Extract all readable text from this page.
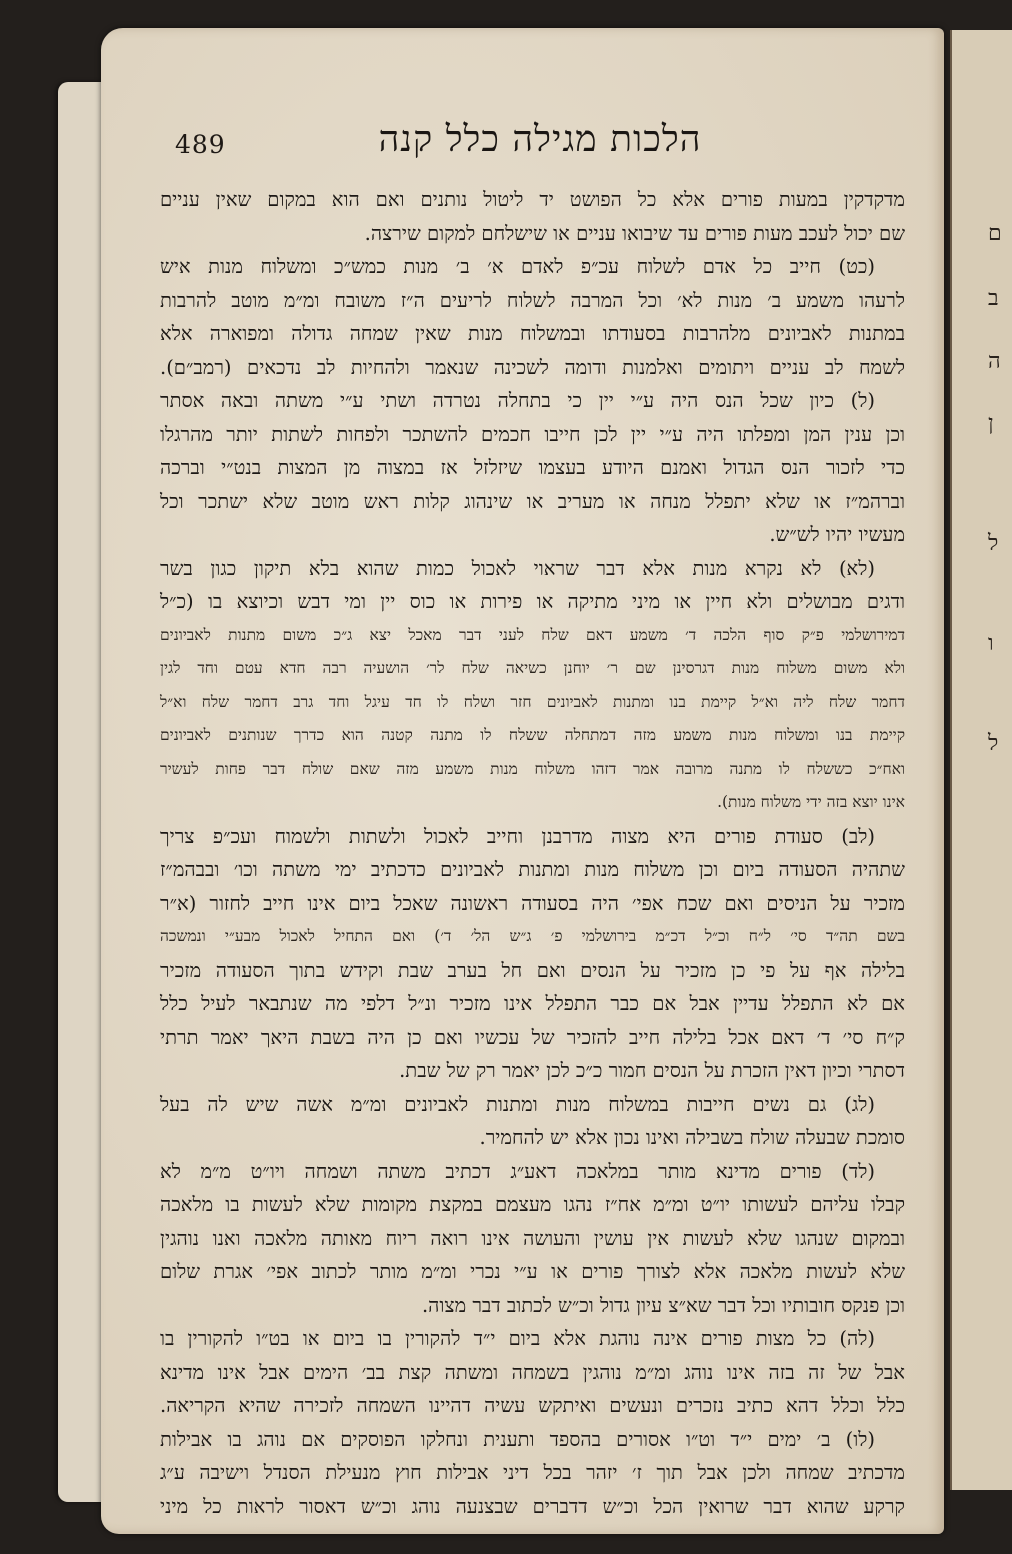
ם
ב
ה
ן
ל
ו
ל
489	הלכות מגילה כלל קנה
מדקדקין במעות פורים אלא כל הפושט יד ליטול נותנים ואם הוא במקום שאין עניים
שם יכול לעכב מעות פורים עד שיבואו עניים או שישלחם למקום שירצה.
(כט) חייב כל אדם לשלוח עכ״פ לאדם א׳ ב׳ מנות כמש״כ ומשלוח מנות איש
לרעהו משמע ב׳ מנות לא׳ וכל המרבה לשלוח לריעים ה״ז משובח ומ״מ מוטב להרבות
במתנות לאביונים מלהרבות בסעודתו ובמשלוח מנות שאין שמחה גדולה ומפוארה אלא
לשמח לב עניים ויתומים ואלמנות ודומה לשכינה שנאמר ולהחיות לב נדכאים (רמב״ם).
(ל) כיון שכל הנס היה ע״י יין כי בתחלה נטרדה ושתי ע״י משתה ובאה אסתר
וכן ענין המן ומפלתו היה ע״י יין לכן חייבו חכמים להשתכר ולפחות לשתות יותר מהרגלו
כדי לזכור הנס הגדול ואמנם היודע בעצמו שיזלזל אז במצוה מן המצות בנט״י וברכה
וברהמ״ז או שלא יתפלל מנחה או מעריב או שינהוג קלות ראש מוטב שלא ישתכר וכל
מעשיו יהיו לש״ש.
(לא) לא נקרא מנות אלא דבר שראוי לאכול כמות שהוא בלא תיקון כגון בשר
ודגים מבושלים ולא חיין או מיני מתיקה או פירות או כוס יין ומי דבש וכיוצא בו (כ״ל
דמירושלמי פ״ק סוף הלכה ד׳ משמע דאם שלח לעני דבר מאכל יצא ג״כ משום מתנות לאביונים
ולא משום משלוח מנות דגרסינן שם ר׳ יוחנן כשיאה שלח לר׳ הושעיה רבה חדא עטם וחד לגין
דחמר שלח ליה וא״ל קיימת בנו ומתנות לאביונים חזר ושלח לו חד עיגל וחד גרב דחמר שלח וא״ל
קיימת בנו ומשלוח מנות משמע מזה דמתחלה ששלח לו מתנה קטנה הוא כדרך שנותנים לאביונים
ואח״כ כששלח לו מתנה מרובה אמר דזהו משלוח מנות משמע מזה שאם שולח דבר פחות לעשיר
אינו יוצא בזה ידי משלוח מנות).
(לב) סעודת פורים היא מצוה מדרבנן וחייב לאכול ולשתות ולשמוח ועכ״פ צריך
שתהיה הסעודה ביום וכן משלוח מנות ומתנות לאביונים כדכתיב ימי משתה וכו׳ ובבהמ״ז
מזכיר על הניסים ואם שכח אפי׳ היה בסעודה ראשונה שאכל ביום אינו חייב לחזור (א״ר
בשם תה״ד סי׳ ל״ח וכ״ל דכ״מ בירושלמי פ׳ ג״ש הל׳ ד׳) ואם התחיל לאכול מבע״י ונמשכה
בלילה אף על פי כן מזכיר על הנסים ואם חל בערב שבת וקידש בתוך הסעודה מזכיר
אם לא התפלל עדיין אבל אם כבר התפלל אינו מזכיר ונ״ל דלפי מה שנתבאר לעיל כלל
ק״ח סי׳ ד׳ דאם אכל בלילה חייב להזכיר של עכשיו ואם כן היה בשבת היאך יאמר תרתי
דסתרי וכיון דאין הזכרת על הנסים חמור כ״כ לכן יאמר רק של שבת.
(לג) גם נשים חייבות במשלוח מנות ומתנות לאביונים ומ״מ אשה שיש לה בעל
סומכת שבעלה שולח בשבילה ואינו נכון אלא יש להחמיר.
(לד) פורים מדינא מותר במלאכה דאע״ג דכתיב משתה ושמחה ויו״ט מ״מ לא
קבלו עליהם לעשותו יו״ט ומ״מ אח״ז נהגו מעצמם במקצת מקומות שלא לעשות בו מלאכה
ובמקום שנהגו שלא לעשות אין עושין והעושה אינו רואה ריוח מאותה מלאכה ואנו נוהגין
שלא לעשות מלאכה אלא לצורך פורים או ע״י נכרי ומ״מ מותר לכתוב אפי׳ אגרת שלום
וכן פנקס חובותיו וכל דבר שא״צ עיון גדול וכ״ש לכתוב דבר מצוה.
(לה) כל מצות פורים אינה נוהגת אלא ביום י״ד להקורין בו ביום או בט״ו להקורין בו
אבל של זה בזה אינו נוהג ומ״מ נוהגין בשמחה ומשתה קצת בב׳ הימים אבל אינו מדינא
כלל וכלל דהא כתיב נזכרים ונעשים ואיתקש עשיה דהיינו השמחה לזכירה שהיא הקריאה.
(לו) ב׳ ימים י״ד וט״ו אסורים בהספד ותענית ונחלקו הפוסקים אם נוהג בו אבילות
מדכתיב שמחה ולכן אבל תוך ז׳ יזהר בכל דיני אבילות חוץ מנעילת הסנדל וישיבה ע״ג
קרקע שהוא דבר שרואין הכל וכ״ש דדברים שבצנעה נוהג וכ״ש דאסור לראות כל מיני
